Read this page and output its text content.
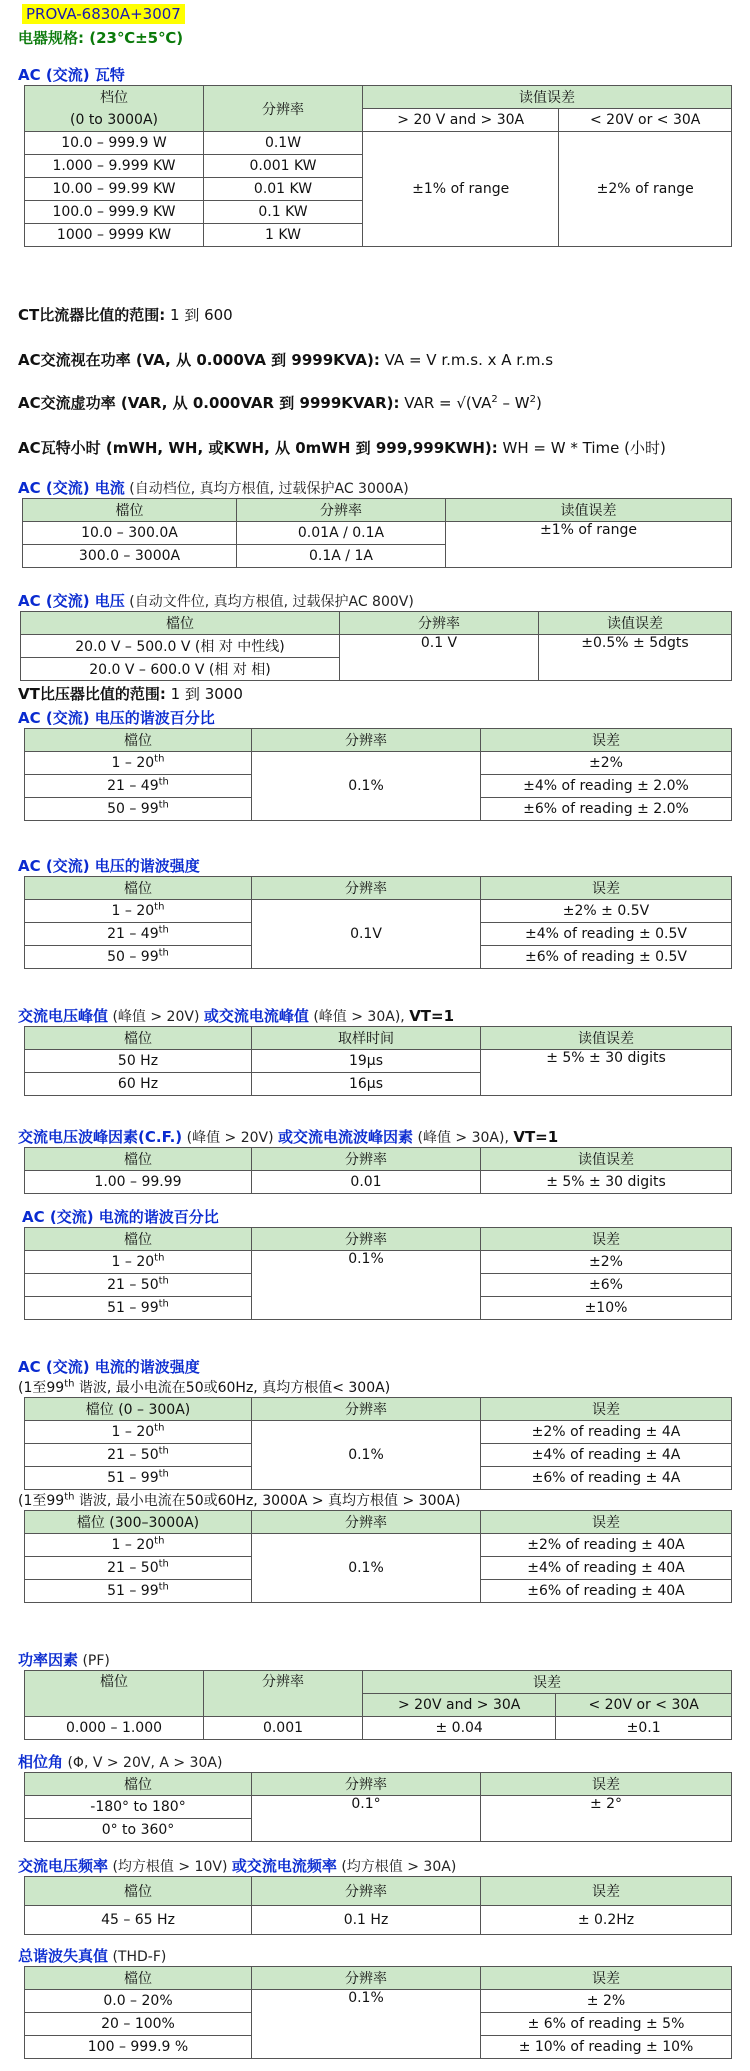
PROVA-6830A+3007
电器规格: (23℃±5℃)
AC (交流) 瓦特
档位	分辨率	读值误差	
(0 to 3000A)		> 20 V and > 30A	< 20V or < 30A
10.0 – 999.9 W	0.1W	±1% of range	±2% of range
1.000 – 9.999 KW	0.001 KW		
10.00 – 99.99 KW	0.01 KW		
100.0 – 999.9 KW	0.1 KW		
1000 – 9999 KW	1 KW		

CT比流器比值的范围: 1 到 600

AC交流视在功率 (VA, 从 0.000VA 到 9999KVA): VA = V r.m.s. x A r.m.s

AC交流虚功率 (VAR, 从 0.000VAR 到 9999KVAR): VAR = $√(VA^2 - W^2)$

AC瓦特小时 (mWH, WH, 或KWH, 从 0mWH 到 999,999KWH): WH = W * Time (小时)

AC (交流) 电流 (自动档位, 真均方根值, 过载保护AC 3000A)
檔位	分辨率	读值误差
10.0 – 300.0A	0.01A / 0.1A	±1% of range
300.0 – 3000A	0.1A / 1A	
AC (交流) 电压 (自动文件位, 真均方根值, 过载保护AC 800V)
檔位	分辨率	读值误差
20.0 V – 500.0 V (相 对 中性线)	0.1 V	±0.5% ± 5dgts
20.0 V – 600.0 V (相 对 相)		
VT比压器比值的范围: 1 到 3000
AC (交流) 电压的谐波百分比
檔位	分辨率	误差
1 – 20th	0.1%	±2%
21 – 49th		±4% of reading ± 2.0%
50 – 99th		±6% of reading ± 2.0%
AC (交流) 电压的谐波强度
檔位	分辨率	误差
1 – 20th	0.1V	±2% ± 0.5V
21 – 49th		±4% of reading ± 0.5V
50 – 99th		±6% of reading ± 0.5V
交流电压峰值 (峰值 > 20V) 或交流电流峰值 (峰值 > 30A), VT=1
檔位	取样时间	读值误差
50 Hz	19μs	± 5% ± 30 digits
60 Hz	16μs	
交流电压波峰因素(C.F.) (峰值 > 20V) 或交流电流波峰因素 (峰值 > 30A), VT=1
檔位	分辨率	读值误差
1.00 – 99.99	0.01	± 5% ± 30 digits
AC (交流) 电流的谐波百分比
檔位	分辨率	误差
1 – 20th	0.1%	±2%
21 – 50th		±6%
51 – 99th		±10%
AC (交流) 电流的谐波强度
(1至99th 谐波, 最小电流在50或60Hz, 真均方根值< 300A)
檔位 (0 – 300A)	分辨率	误差
1 – 20th	0.1%	±2% of reading ± 4A
21 – 50th		±4% of reading ± 4A
51 – 99th		±6% of reading ± 4A
(1至99th 谐波, 最小电流在50或60Hz, 3000A > 真均方根值 > 300A)
檔位 (300–3000A)	分辨率	误差
1 – 20th	0.1%	±2% of reading ± 40A
21 – 50th		±4% of reading ± 40A
51 – 99th		±6% of reading ± 40A
功率因素 (PF)
檔位	分辨率	误差	
		> 20V and > 30A	< 20V or < 30A
0.000 – 1.000	0.001	± 0.04	±0.1
相位角 (Φ, V > 20V, A > 30A)
檔位	分辨率	误差
-180° to 180°	0.1°	± 2°
0° to 360°		
交流电压频率 (均方根值 > 10V) 或交流电流频率 (均方根值 > 30A)
檔位	分辨率	误差
45 – 65 Hz	0.1 Hz	± 0.2Hz
总谐波失真值 (THD-F)
檔位	分辨率	误差
0.0 – 20%	0.1%	± 2%
20 – 100%		± 6% of reading ± 5%
100 – 999.9 %		± 10% of reading ± 10%
